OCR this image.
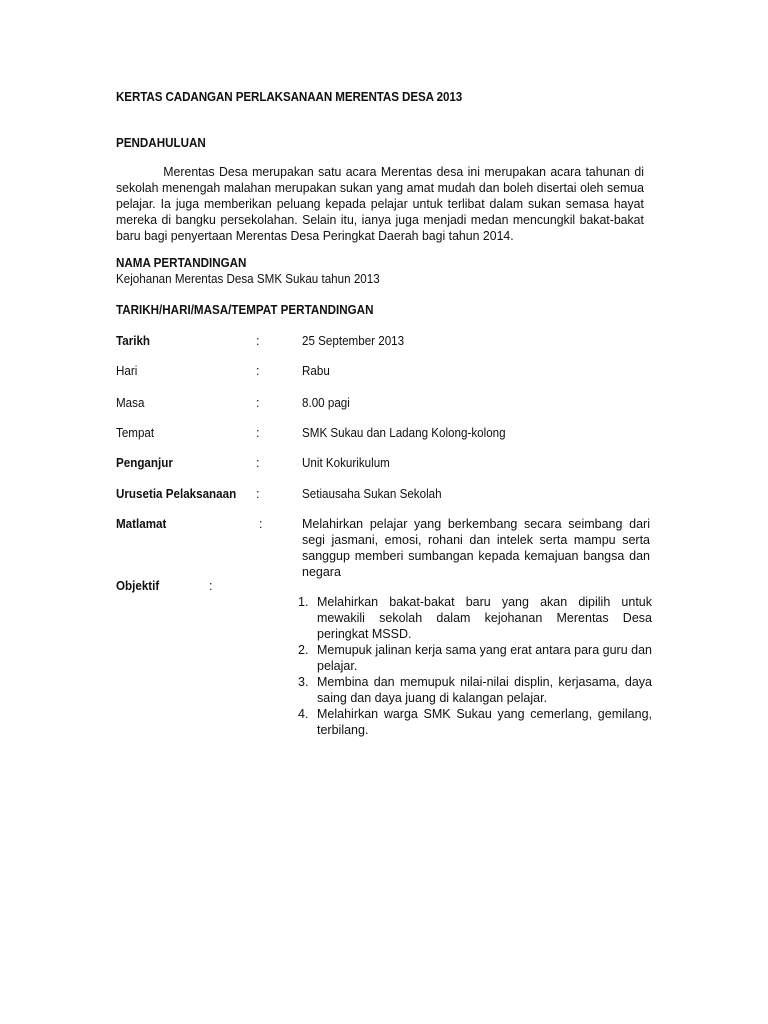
KERTAS CADANGAN PERLAKSANAAN MERENTAS DESA 2013
PENDAHULUAN
Merentas Desa merupakan satu acara Merentas desa ini merupakan acara tahunan di sekolah menengah malahan merupakan sukan yang amat mudah dan boleh disertai oleh semua pelajar. Ia juga memberikan peluang kepada pelajar untuk terlibat dalam sukan semasa hayat mereka di bangku persekolahan. Selain itu, ianya juga menjadi medan mencungkil bakat-bakat baru bagi penyertaan Merentas Desa Peringkat Daerah bagi tahun 2014.
NAMA PERTANDINGAN
Kejohanan Merentas Desa SMK Sukau tahun 2013
TARIKH/HARI/MASA/TEMPAT PERTANDINGAN
Tarikh	:	25 September 2013
Hari	:	Rabu
Masa	:	8.00 pagi
Tempat	:	SMK Sukau dan Ladang Kolong-kolong
Penganjur	:	Unit Kokurikulum
Urusetia Pelaksanaan :	Setiausaha Sukan Sekolah
Matlamat	:	Melahirkan pelajar yang berkembang secara seimbang dari segi jasmani, emosi, rohani dan intelek serta mampu serta sanggup memberi sumbangan kepada kemajuan bangsa dan negara
Objektif	:
1. Melahirkan bakat-bakat baru yang akan dipilih untuk mewakili sekolah dalam kejohanan Merentas Desa peringkat MSSD.
2. Memupuk jalinan kerja sama yang erat antara para guru dan pelajar.
3. Membina dan memupuk nilai-nilai displin, kerjasama, daya saing dan daya juang di kalangan pelajar.
4. Melahirkan warga SMK Sukau yang cemerlang, gemilang, terbilang.
